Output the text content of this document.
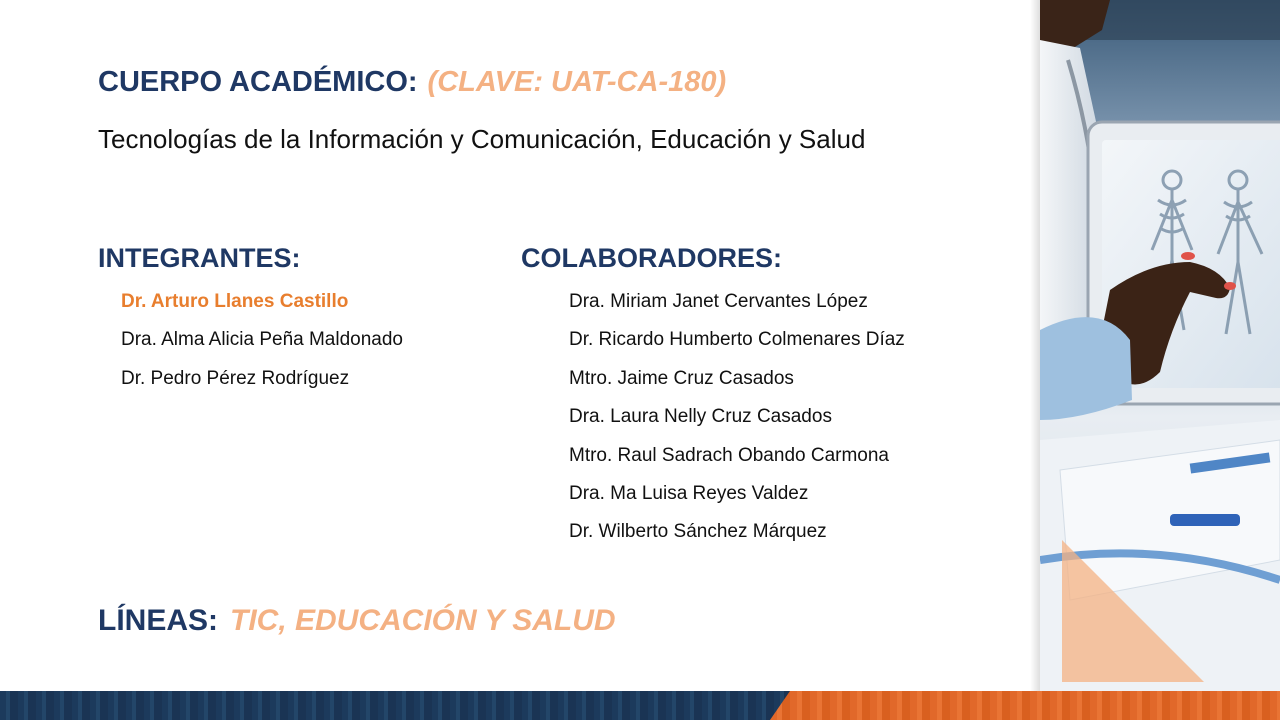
CUERPO ACADÉMICO: (CLAVE: UAT-CA-180)
Tecnologías de la Información y Comunicación, Educación y Salud
INTEGRANTES:
Dr. Arturo Llanes Castillo
Dra. Alma Alicia Peña Maldonado
Dr. Pedro Pérez Rodríguez
COLABORADORES:
Dra. Miriam Janet Cervantes López
Dr. Ricardo Humberto Colmenares Díaz
Mtro. Jaime Cruz Casados
Dra. Laura Nelly Cruz Casados
Mtro. Raul Sadrach Obando Carmona
Dra. Ma Luisa Reyes Valdez
Dr. Wilberto Sánchez Márquez
LÍNEAS: TIC, EDUCACIÓN Y SALUD
